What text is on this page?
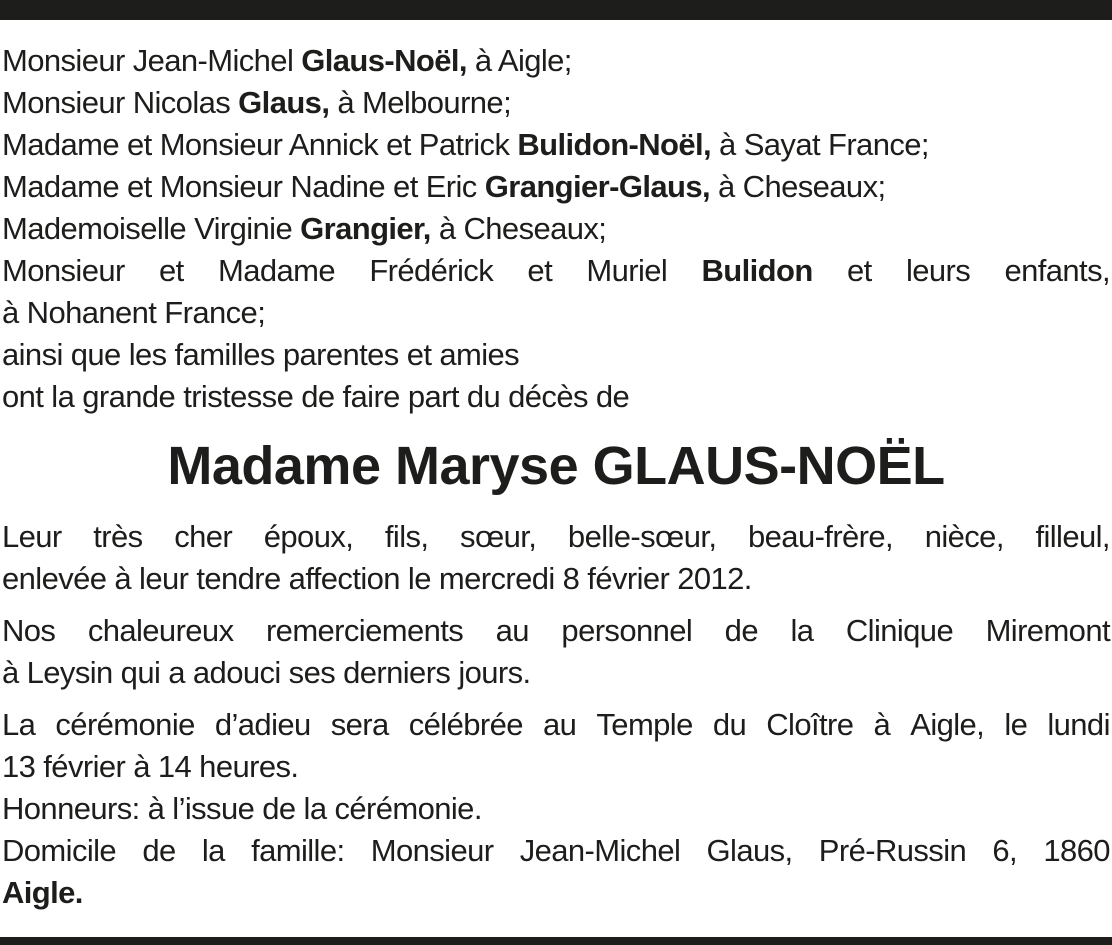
Monsieur Jean-Michel Glaus-Noël, à Aigle;
Monsieur Nicolas Glaus, à Melbourne;
Madame et Monsieur Annick et Patrick Bulidon-Noël, à Sayat France;
Madame et Monsieur Nadine et Eric Grangier-Glaus, à Cheseaux;
Mademoiselle Virginie Grangier, à Cheseaux;
Monsieur et Madame Frédérick et Muriel Bulidon et leurs enfants,
à Nohanent France;
ainsi que les familles parentes et amies
ont la grande tristesse de faire part du décès de
Madame Maryse GLAUS-NOËL
Leur très cher époux, fils, sœur, belle-sœur, beau-frère, nièce, filleul,
enlevée à leur tendre affection le mercredi 8 février 2012.
Nos chaleureux remerciements au personnel de la Clinique Miremont
à Leysin qui a adouci ses derniers jours.
La cérémonie d’adieu sera célébrée au Temple du Cloître à Aigle, le lundi
13 février à 14 heures.
Honneurs: à l’issue de la cérémonie.
Domicile de la famille: Monsieur Jean-Michel Glaus, Pré-Russin 6, 1860
Aigle.
